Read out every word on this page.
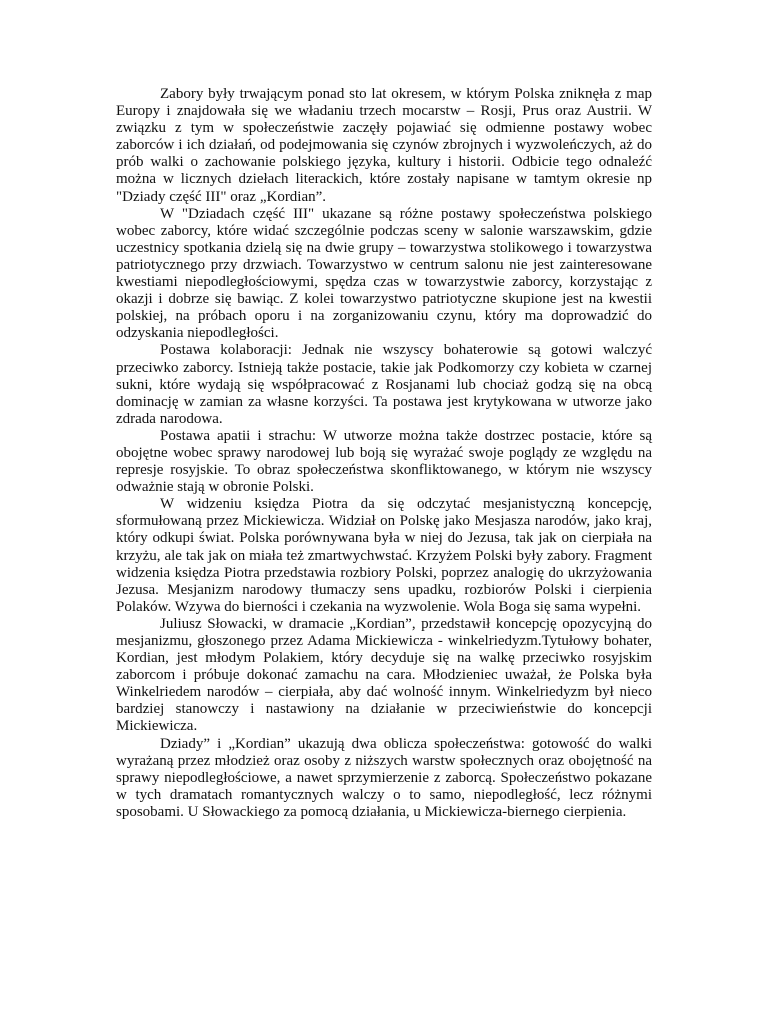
Zabory były trwającym ponad sto lat okresem, w którym Polska zniknęła z map Europy i znajdowała się we władaniu trzech mocarstw – Rosji, Prus oraz Austrii. W związku z tym w społeczeństwie zaczęły pojawiać się odmienne postawy wobec zaborców i ich działań, od podejmowania się czynów zbrojnych i wyzwoleńczych, aż do prób walki o zachowanie polskiego języka, kultury i historii. Odbicie tego odnaleźć można w licznych dziełach literackich, które zostały napisane w tamtym okresie np "Dziady część III" oraz „Kordian”.

W "Dziadach część III" ukazane są różne postawy społeczeństwa polskiego wobec zaborcy, które widać szczególnie podczas sceny w salonie warszawskim, gdzie uczestnicy spotkania dzielą się na dwie grupy – towarzystwa stolikowego i towarzystwa patriotycznego przy drzwiach. Towarzystwo w centrum salonu nie jest zainteresowane kwestiami niepodległościowymi, spędza czas w towarzystwie zaborcy, korzystając z okazji i dobrze się bawiąc. Z kolei towarzystwo patriotyczne skupione jest na kwestii polskiej, na próbach oporu i na zorganizowaniu czynu, który ma doprowadzić do odzyskania niepodległości.

Postawa kolaboracji: Jednak nie wszyscy bohaterowie są gotowi walczyć przeciwko zaborcy. Istnieją także postacie, takie jak Podkomorzy czy kobieta w czarnej sukni, które wydają się współpracować z Rosjanami lub chociaż godzą się na obcą dominację w zamian za własne korzyści. Ta postawa jest krytykowana w utworze jako zdrada narodowa.

Postawa apatii i strachu: W utworze można także dostrzec postacie, które są obojętne wobec sprawy narodowej lub boją się wyrażać swoje poglądy ze względu na represje rosyjskie. To obraz społeczeństwa skonfliktowanego, w którym nie wszyscy odważnie stają w obronie Polski.

W widzeniu księdza Piotra da się odczytać mesjanistyczną koncepcję, sformułowaną przez Mickiewicza. Widział on Polskę jako Mesjasza narodów, jako kraj, który odkupi świat. Polska porównywana była w niej do Jezusa, tak jak on cierpiała na krzyżu, ale tak jak on miała też zmartwychwstać. Krzyżem Polski były zabory. Fragment widzenia księdza Piotra przedstawia rozbiory Polski, poprzez analogię do ukrzyżowania Jezusa. Mesjanizm narodowy tłumaczy sens upadku, rozbiorów Polski i cierpienia Polaków. Wzywa do bierności i czekania na wyzwolenie. Wola Boga się sama wypełni.

Juliusz Słowacki, w dramacie „Kordian”, przedstawił koncepcję opozycyjną do mesjanizmu, głoszonego przez Adama Mickiewicza - winkelriedyzm.Tytułowy bohater, Kordian, jest młodym Polakiem, który decyduje się na walkę przeciwko rosyjskim zaborcom i próbuje dokonać zamachu na cara. Młodzieniec uważał, że Polska była Winkelriedem narodów – cierpiała, aby dać wolność innym. Winkelriedyzm był nieco bardziej stanowczy i nastawiony na działanie w przeciwieństwie do koncepcji Mickiewicza.

Dziady” i „Kordian” ukazują dwa oblicza społeczeństwa: gotowość do walki wyrażaną przez młodzież oraz osoby z niższych warstw społecznych oraz obojętność na sprawy niepodległościowe, a nawet sprzymierzenie z zaborcą. Społeczeństwo pokazane w tych dramatach romantycznych walczy o to samo, niepodległość, lecz różnymi sposobami. U Słowackiego za pomocą działania, u Mickiewicza-biernego cierpienia.
